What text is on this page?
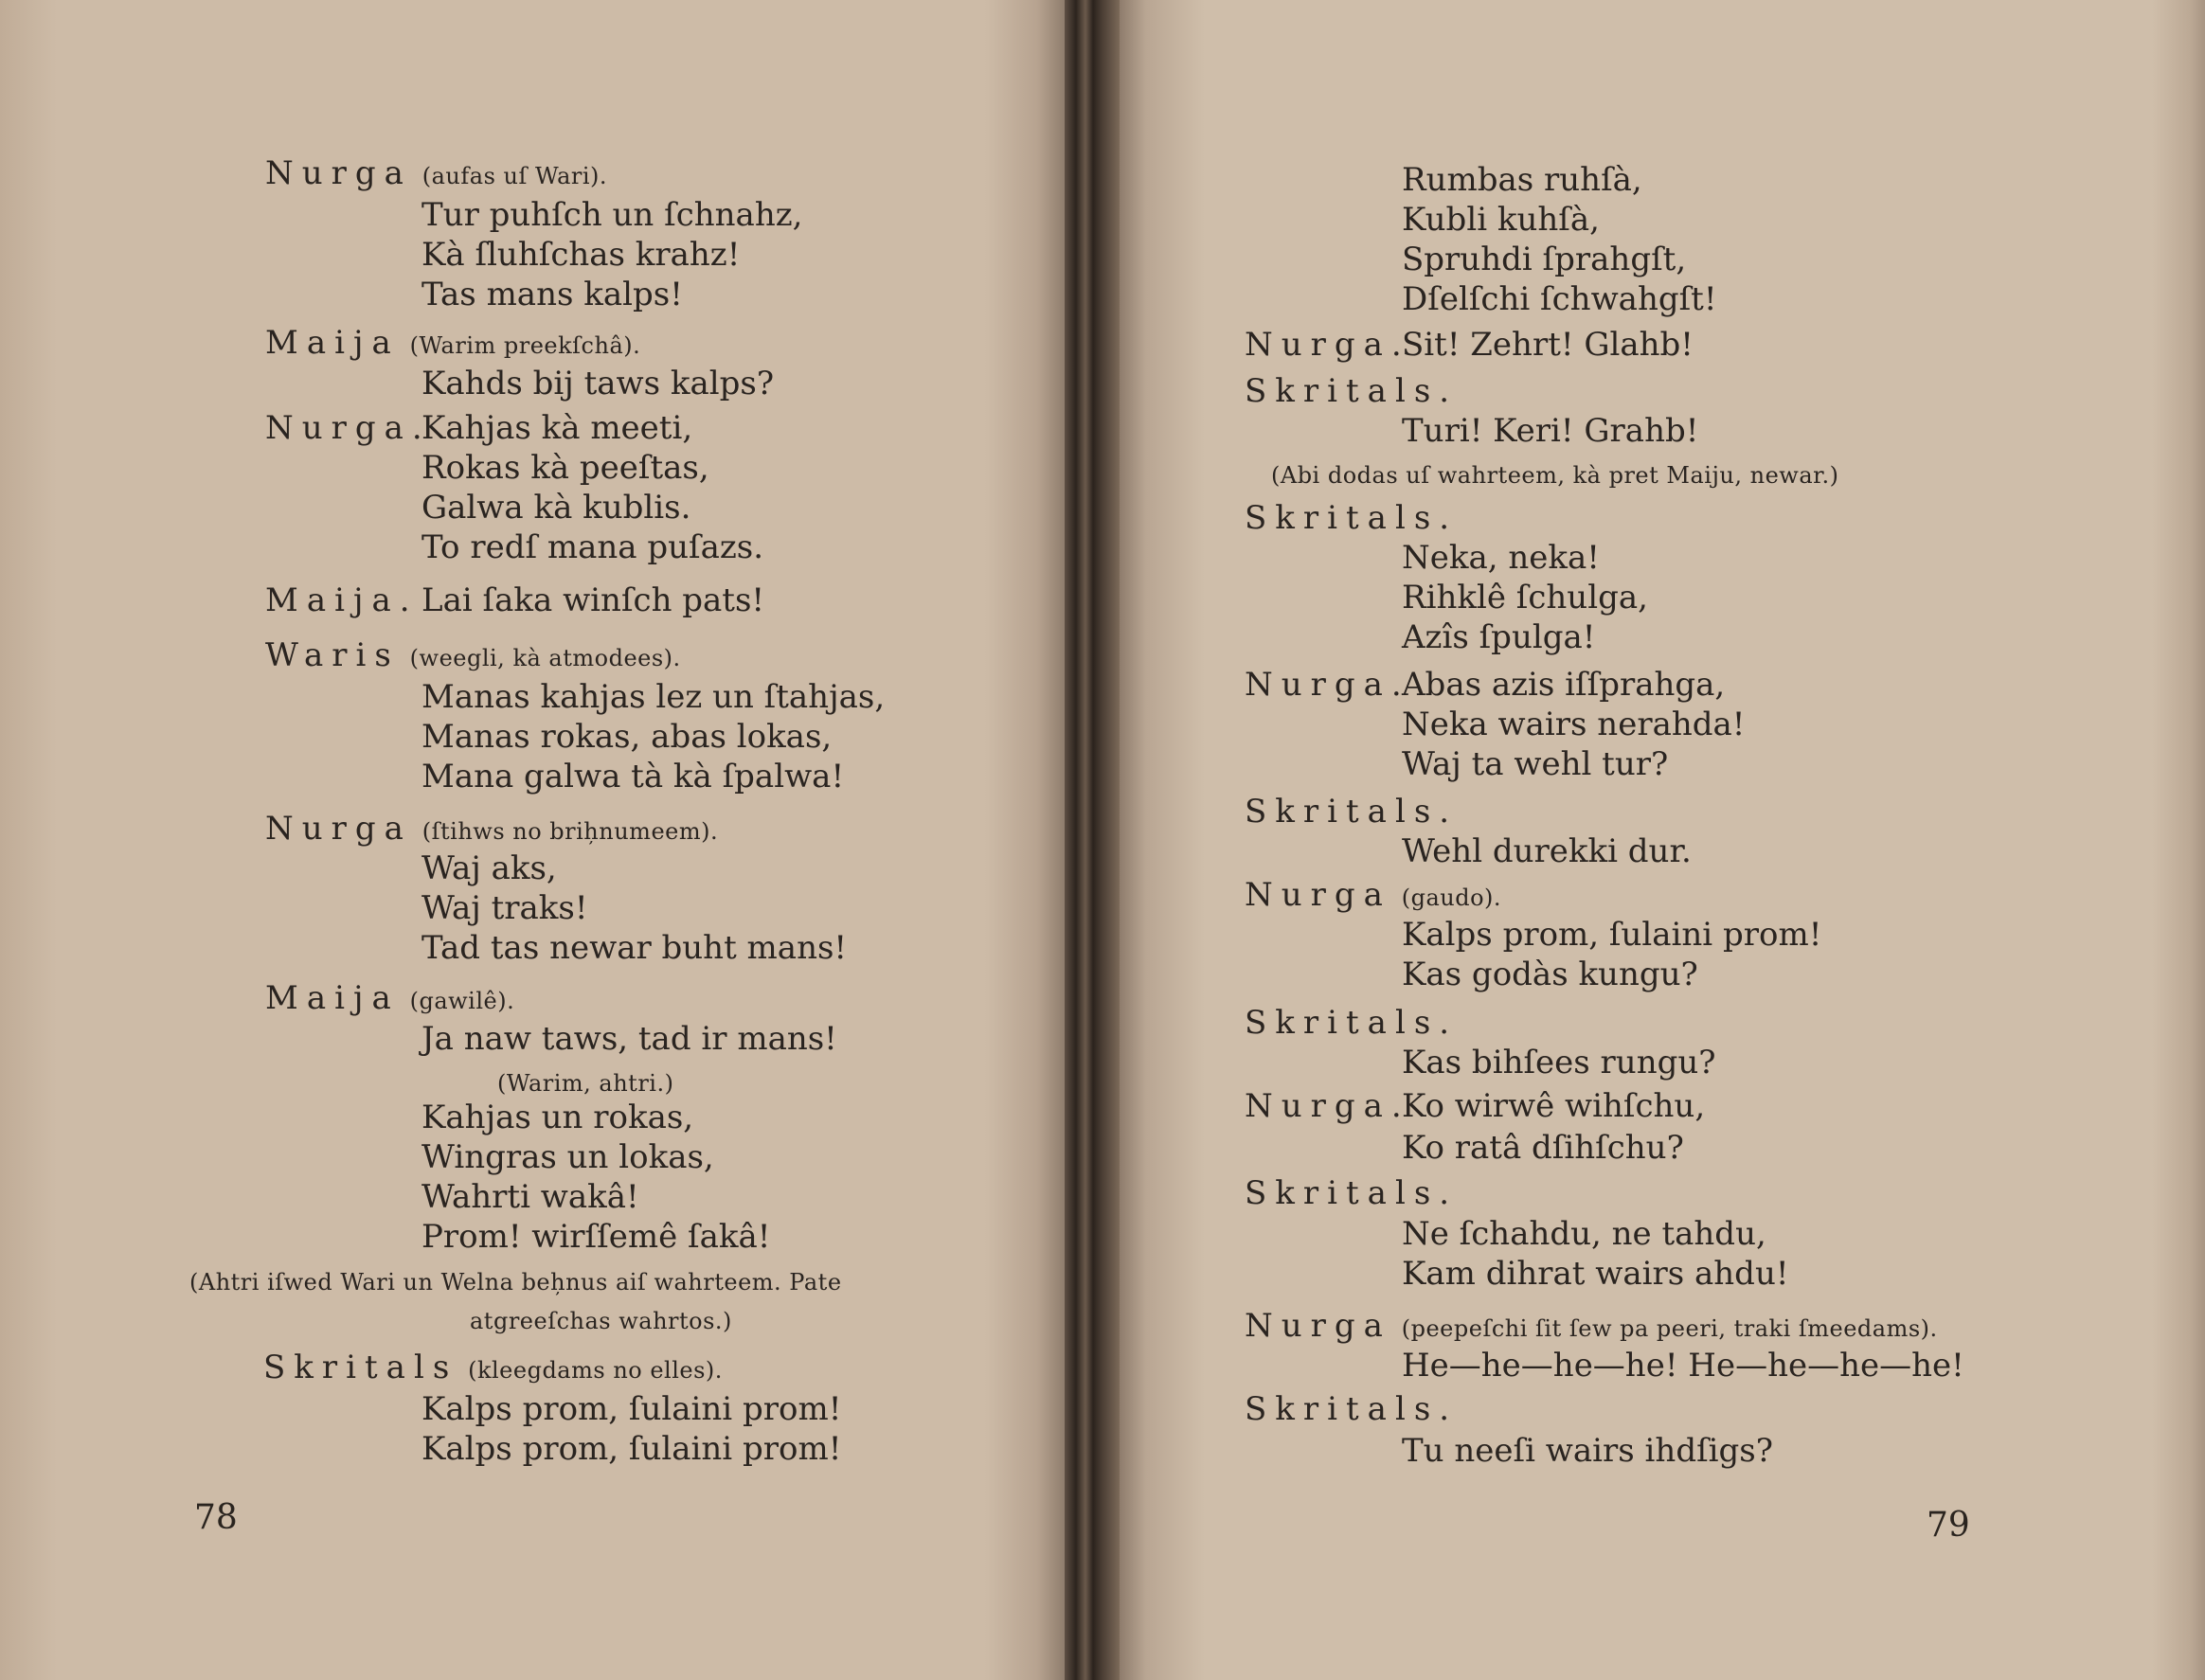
Nurga (aufas uſ Wari).
Tur puhſch un ſchnahz,
Kà ſluhſchas krahz!
Tas mans kalps!
Maija (Warim preekſchâ).
Kahds bij taws kalps?
Nurga.
Kahjas kà meeti,
Rokas kà peeſtas,
Galwa kà kublis.
To redſ mana puſazs.
Maija. Lai ſaka winſch pats!
Waris (weegli, kà atmodees).
Manas kahjas lez un ſtahjas,
Manas rokas, abas lokas,
Mana galwa tà kà ſpalwa!
Nurga (ſtihws no brih̦numeem).
Waj aks,
Waj traks!
Tad tas newar buht mans!
Maija (gawilê).
Ja naw taws, tad ir mans!
(Warim, ahtri.)
Kahjas un rokas,
Wingras un lokas,
Wahrti wakâ!
Prom! wirſſemê ſakâ!
(Ahtri iſwed Wari un Welna beh̦nus aiſ wahrteem. Pate
atgreeſchas wahrtos.)
Skritals (kleegdams no elles).
Kalps prom, ſulaini prom!
Kalps prom, ſulaini prom!
78
Rumbas ruhſà,
Kubli kuhſà,
Spruhdi ſprahgſt,
Dſelſchi ſchwahgſt!
Nurga.
Sit! Zehrt! Glahb!
Skritals.
Turi! Keri! Grahb!
(Abi dodas uſ wahrteem, kà pret Maiju, newar.)
Skritals.
Neka, neka!
Rihklê ſchulga,
Azîs ſpulga!
Nurga.
Abas azis iſſprahga,
Neka wairs nerahda!
Waj ta wehl tur?
Skritals.
Wehl durekki dur.
Nurga (gaudo).
Kalps prom, ſulaini prom!
Kas godàs kungu?
Skritals.
Kas bihſees rungu?
Nurga.
Ko wirwê wihſchu,
Ko ratâ dſihſchu?
Skritals.
Ne ſchahdu, ne tahdu,
Kam dihrat wairs ahdu!
Nurga (peepeſchi ſit ſew pa peeri, traki ſmeedams).
He—he—he—he! He—he—he—he!
Skritals.
Tu neeſi wairs ihdſigs?
79
